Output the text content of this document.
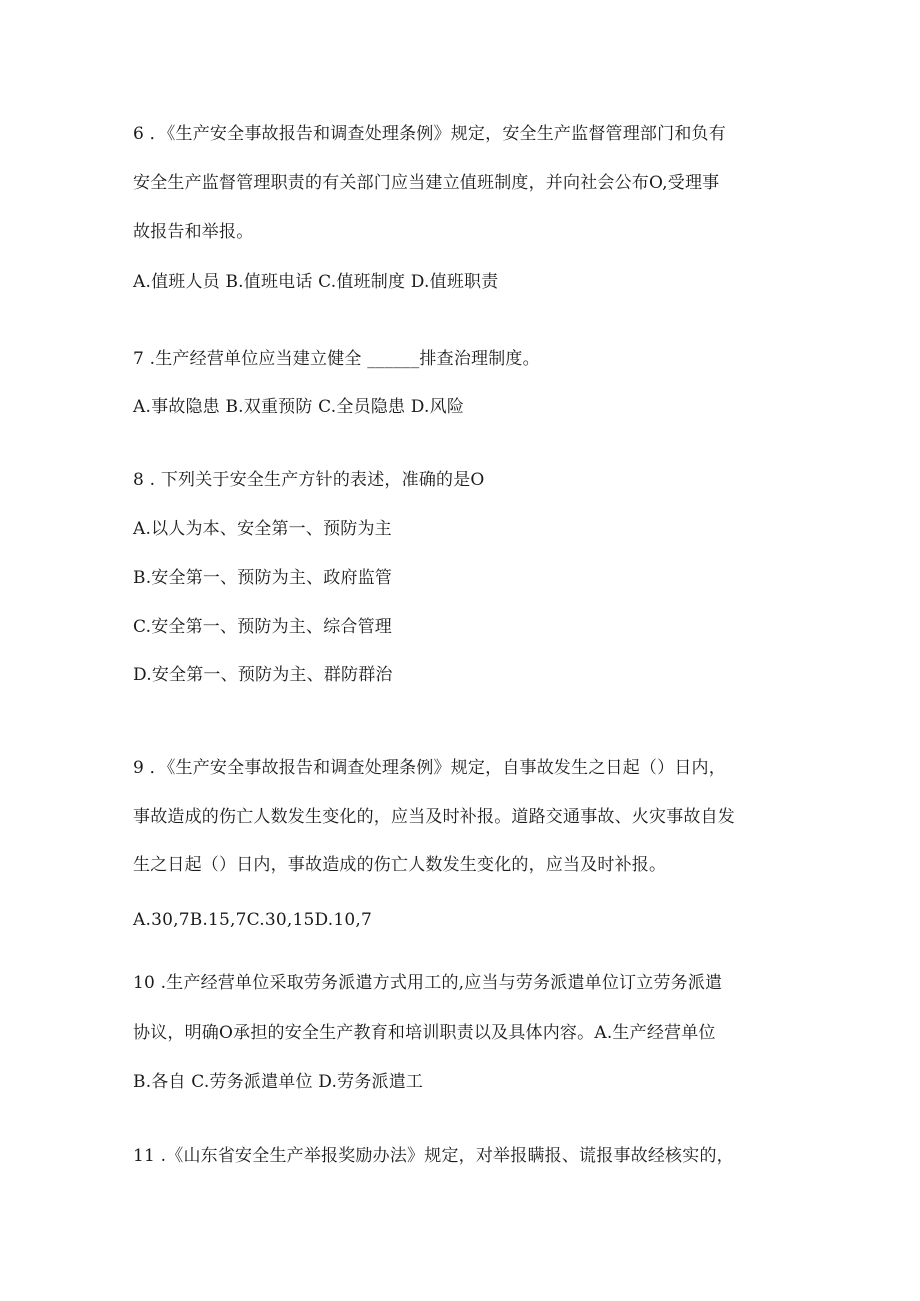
6 ．《生产安全事故报告和调查处理条例》规定，安全生产监督管理部门和负有
安全生产监督管理职责的有关部门应当建立值班制度，并向社会公布O,受理事
故报告和举报。
A.值班人员 B.值班电话 C.值班制度 D.值班职责
7 .生产经营单位应当建立健全 ______排查治理制度。
A.事故隐患 B.双重预防 C.全员隐患 D.风险
8 . 下列关于安全生产方针的表述，准确的是O
A.以人为本、安全第一、预防为主
B.安全第一、预防为主、政府监管
C.安全第一、预防为主、综合管理
D.安全第一、预防为主、群防群治
9 ．《生产安全事故报告和调查处理条例》规定，自事故发生之日起（）日内，
事故造成的伤亡人数发生变化的，应当及时补报。道路交通事故、火灾事故自发
生之日起（）日内，事故造成的伤亡人数发生变化的，应当及时补报。
A.30,7B.15,7C.30,15D.10,7
10 .生产经营单位采取劳务派遣方式用工的,应当与劳务派遣单位订立劳务派遣
协议，明确O承担的安全生产教育和培训职责以及具体内容。A.生产经营单位
B.各自 C.劳务派遣单位 D.劳务派遣工
11 .《山东省安全生产举报奖励办法》规定，对举报瞒报、谎报事故经核实的，
